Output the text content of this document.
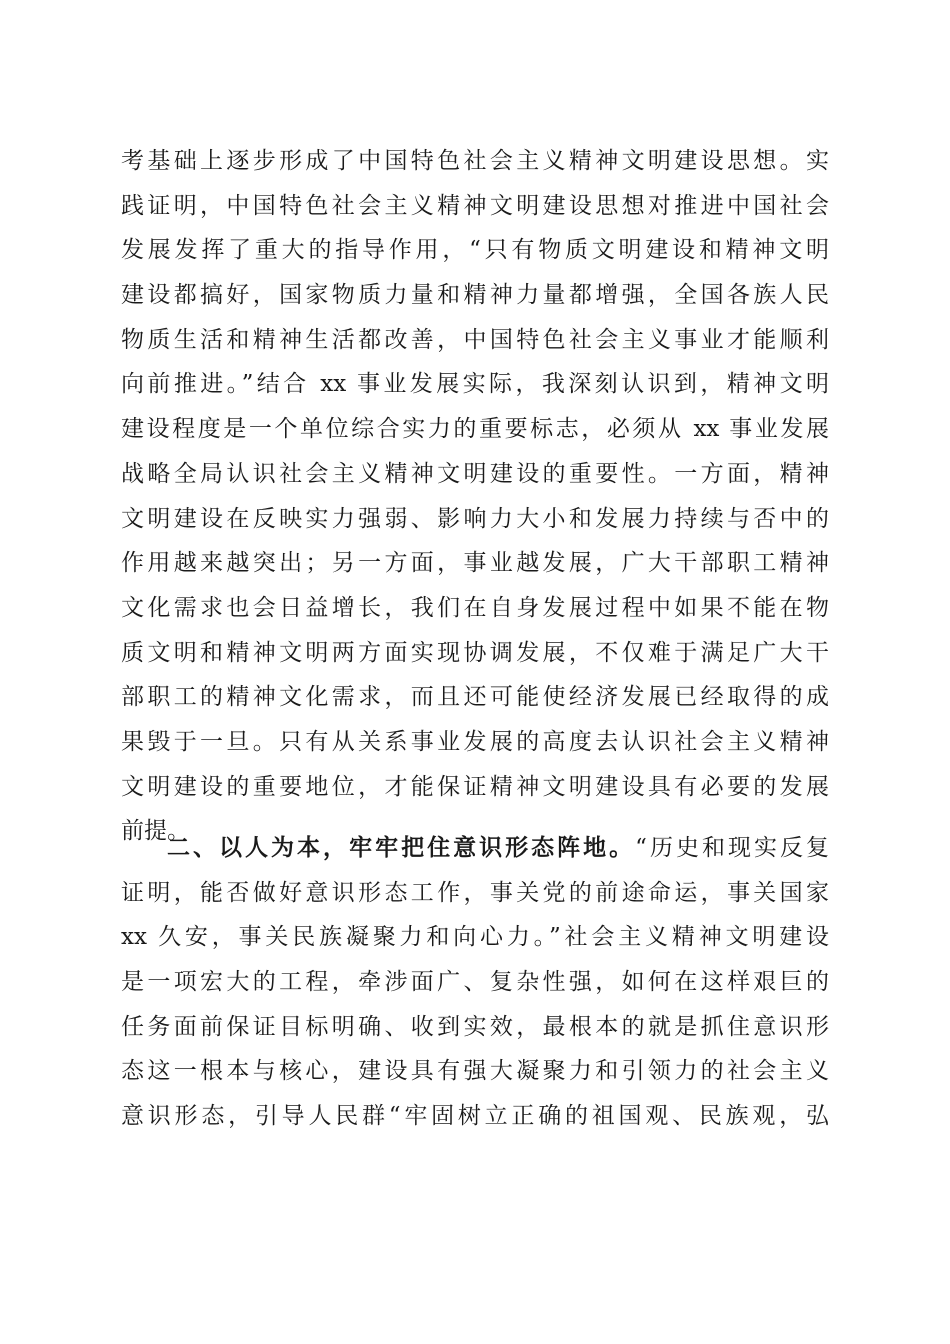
考基础上逐步形成了中国特色社会主义精神文明建设思想。实
践证明，中国特色社会主义精神文明建设思想对推进中国社会
发展发挥了重大的指导作用，“只有物质文明建设和精神文明
建设都搞好，国家物质力量和精神力量都增强，全国各族人民
物质生活和精神生活都改善，中国特色社会主义事业才能顺利
向前推进。”结合 xx 事业发展实际，我深刻认识到，精神文明
建设程度是一个单位综合实力的重要标志，必须从 xx 事业发展
战略全局认识社会主义精神文明建设的重要性。一方面，精神
文明建设在反映实力强弱、影响力大小和发展力持续与否中的
作用越来越突出；另一方面，事业越发展，广大干部职工精神
文化需求也会日益增长，我们在自身发展过程中如果不能在物
质文明和精神文明两方面实现协调发展，不仅难于满足广大干
部职工的精神文化需求，而且还可能使经济发展已经取得的成
果毁于一旦。只有从关系事业发展的高度去认识社会主义精神
文明建设的重要地位，才能保证精神文明建设具有必要的发展
前提。
二、以人为本，牢牢把住意识形态阵地。“历史和现实反复
证明，能否做好意识形态工作，事关党的前途命运，事关国家
xx 久安，事关民族凝聚力和向心力。”社会主义精神文明建设
是一项宏大的工程，牵涉面广、复杂性强，如何在这样艰巨的
任务面前保证目标明确、收到实效，最根本的就是抓住意识形
态这一根本与核心，建设具有强大凝聚力和引领力的社会主义
意识形态，引导人民群“牢固树立正确的祖国观、民族观，弘
